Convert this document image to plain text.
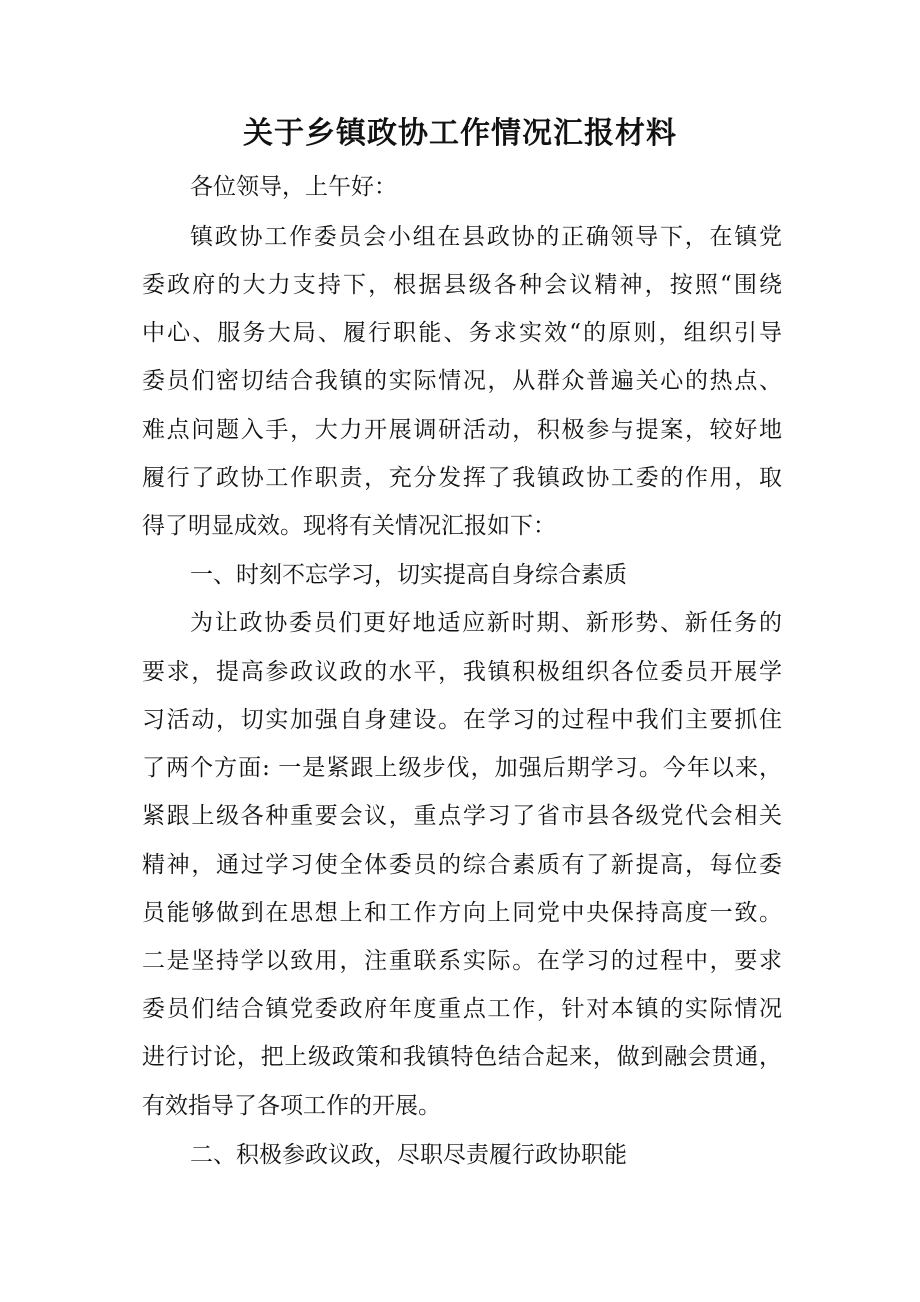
关于乡镇政协工作情况汇报材料

各位领导，上午好：

镇政协工作委员会小组在县政协的正确领导下，在镇党

委政府的大力支持下，根据县级各种会议精神，按照“围绕

中心、服务大局、履行职能、务求实效“的原则，组织引导

委员们密切结合我镇的实际情况，从群众普遍关心的热点、

难点问题入手，大力开展调研活动，积极参与提案，较好地

履行了政协工作职责，充分发挥了我镇政协工委的作用，取

得了明显成效。现将有关情况汇报如下：

一、时刻不忘学习，切实提高自身综合素质

为让政协委员们更好地适应新时期、新形势、新任务的

要求，提高参政议政的水平，我镇积极组织各位委员开展学

习活动，切实加强自身建设。在学习的过程中我们主要抓住

了两个方面: 一是紧跟上级步伐，加强后期学习。今年以来，

紧跟上级各种重要会议，重点学习了省市县各级党代会相关

精神，通过学习使全体委员的综合素质有了新提高，每位委

员能够做到在思想上和工作方向上同党中央保持高度一致。

二是坚持学以致用，注重联系实际。在学习的过程中，要求

委员们结合镇党委政府年度重点工作，针对本镇的实际情况

进行讨论，把上级政策和我镇特色结合起来，做到融会贯通，

有效指导了各项工作的开展。

二、积极参政议政，尽职尽责履行政协职能
